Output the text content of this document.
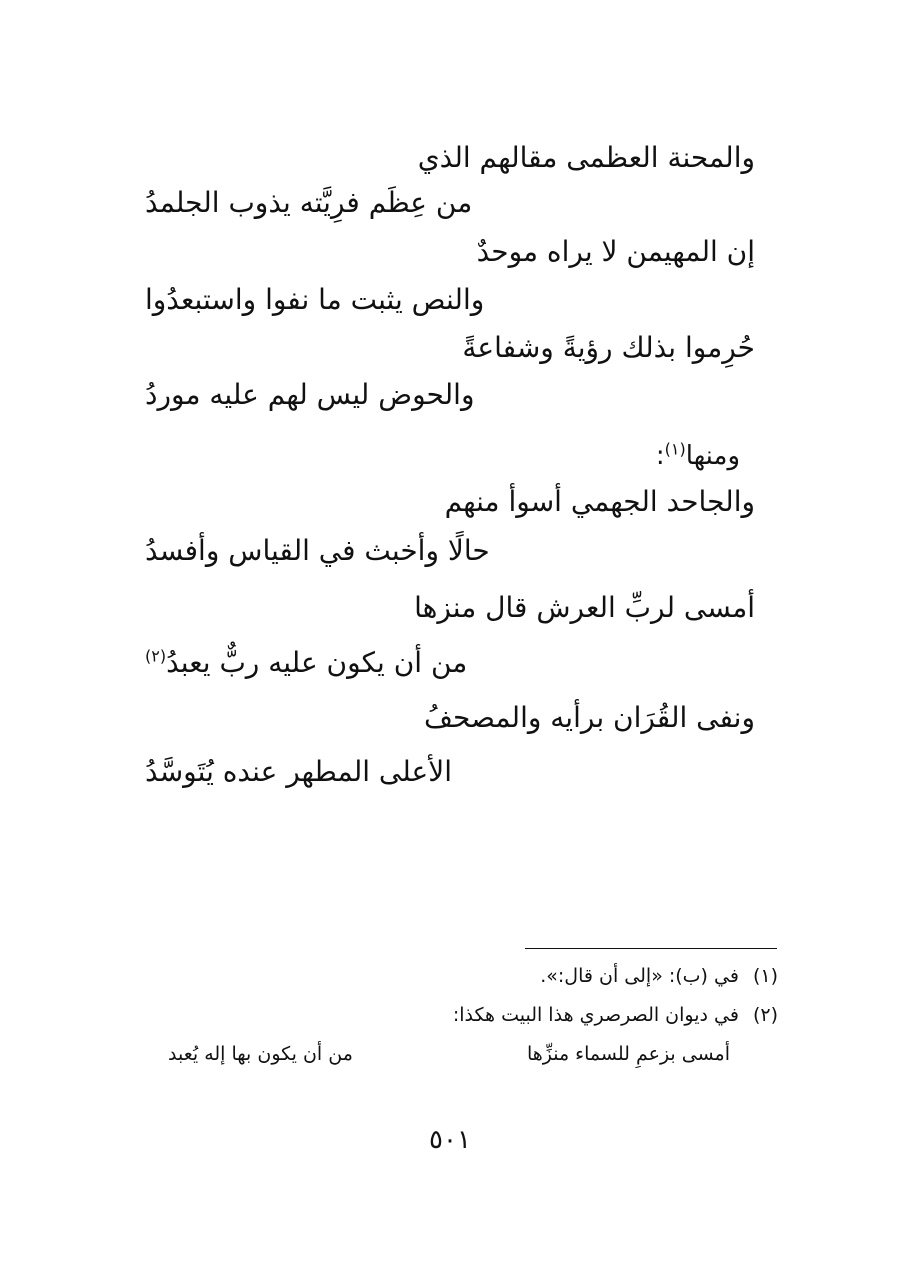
والمحنة العظمى مقالهم الذي
من عِظَم فرِيَّته يذوب الجلمدُ
إن المهيمن لا يراه موحدٌ
والنص يثبت ما نفوا واستبعدُوا
حُرِموا بذلك رؤيةً وشفاعةً
والحوض ليس لهم عليه موردُ
ومنها$^{(١)}$:
والجاحد الجهمي أسوأ منهم
حالًا وأخبث في القياس وأفسدُ
أمسى لربِّ العرش قال منزها
من أن يكون عليه ربٌّ يعبدُ$^{(٢)}$
ونفى القُرَان برأيه والمصحفُ
الأعلى المطهر عنده يُتَوسَّدُ
(١)في (ب): «إلى أن قال:».
(٢)في ديوان الصرصري هذا البيت هكذا:
أمسى بزعمِ للسماء منزِّها
من أن يكون بها إله يُعبد
٥٠١
